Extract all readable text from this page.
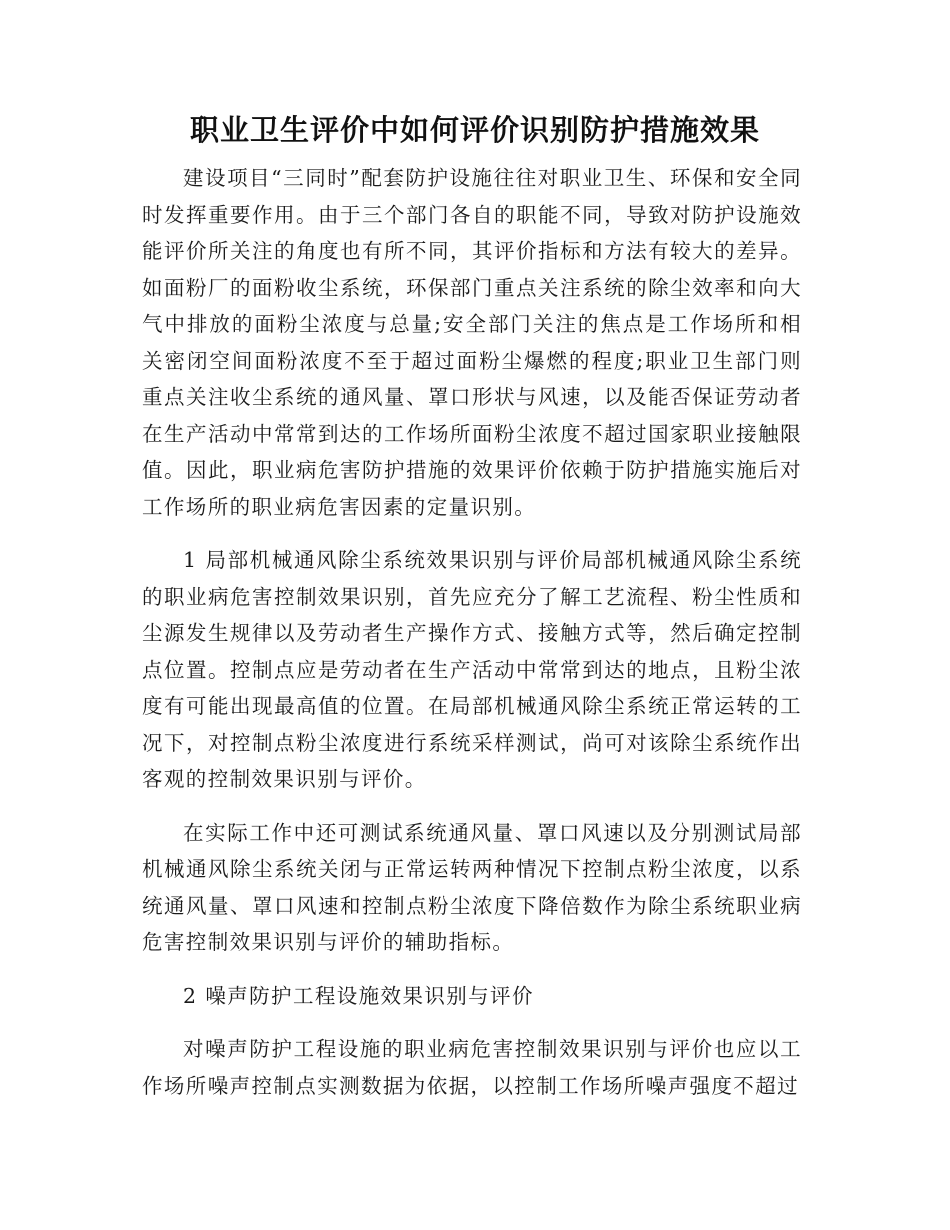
职业卫生评价中如何评价识别防护措施效果

建设项目“三同时”配套防护设施往往对职业卫生、环保和安全同时发挥重要作用。由于三个部门各自的职能不同，导致对防护设施效能评价所关注的角度也有所不同，其评价指标和方法有较大的差异。如面粉厂的面粉收尘系统，环保部门重点关注系统的除尘效率和向大气中排放的面粉尘浓度与总量;安全部门关注的焦点是工作场所和相关密闭空间面粉浓度不至于超过面粉尘爆燃的程度;职业卫生部门则重点关注收尘系统的通风量、罩口形状与风速，以及能否保证劳动者在生产活动中常常到达的工作场所面粉尘浓度不超过国家职业接触限值。因此，职业病危害防护措施的效果评价依赖于防护措施实施后对工作场所的职业病危害因素的定量识别。

1 局部机械通风除尘系统效果识别与评价局部机械通风除尘系统的职业病危害控制效果识别，首先应充分了解工艺流程、粉尘性质和尘源发生规律以及劳动者生产操作方式、接触方式等，然后确定控制点位置。控制点应是劳动者在生产活动中常常到达的地点，且粉尘浓度有可能出现最高值的位置。在局部机械通风除尘系统正常运转的工况下，对控制点粉尘浓度进行系统采样测试，尚可对该除尘系统作出客观的控制效果识别与评价。

在实际工作中还可测试系统通风量、罩口风速以及分别测试局部机械通风除尘系统关闭与正常运转两种情况下控制点粉尘浓度，以系统通风量、罩口风速和控制点粉尘浓度下降倍数作为除尘系统职业病危害控制效果识别与评价的辅助指标。

2 噪声防护工程设施效果识别与评价

对噪声防护工程设施的职业病危害控制效果识别与评价也应以工作场所噪声控制点实测数据为依据，以控制工作场所噪声强度不超过
